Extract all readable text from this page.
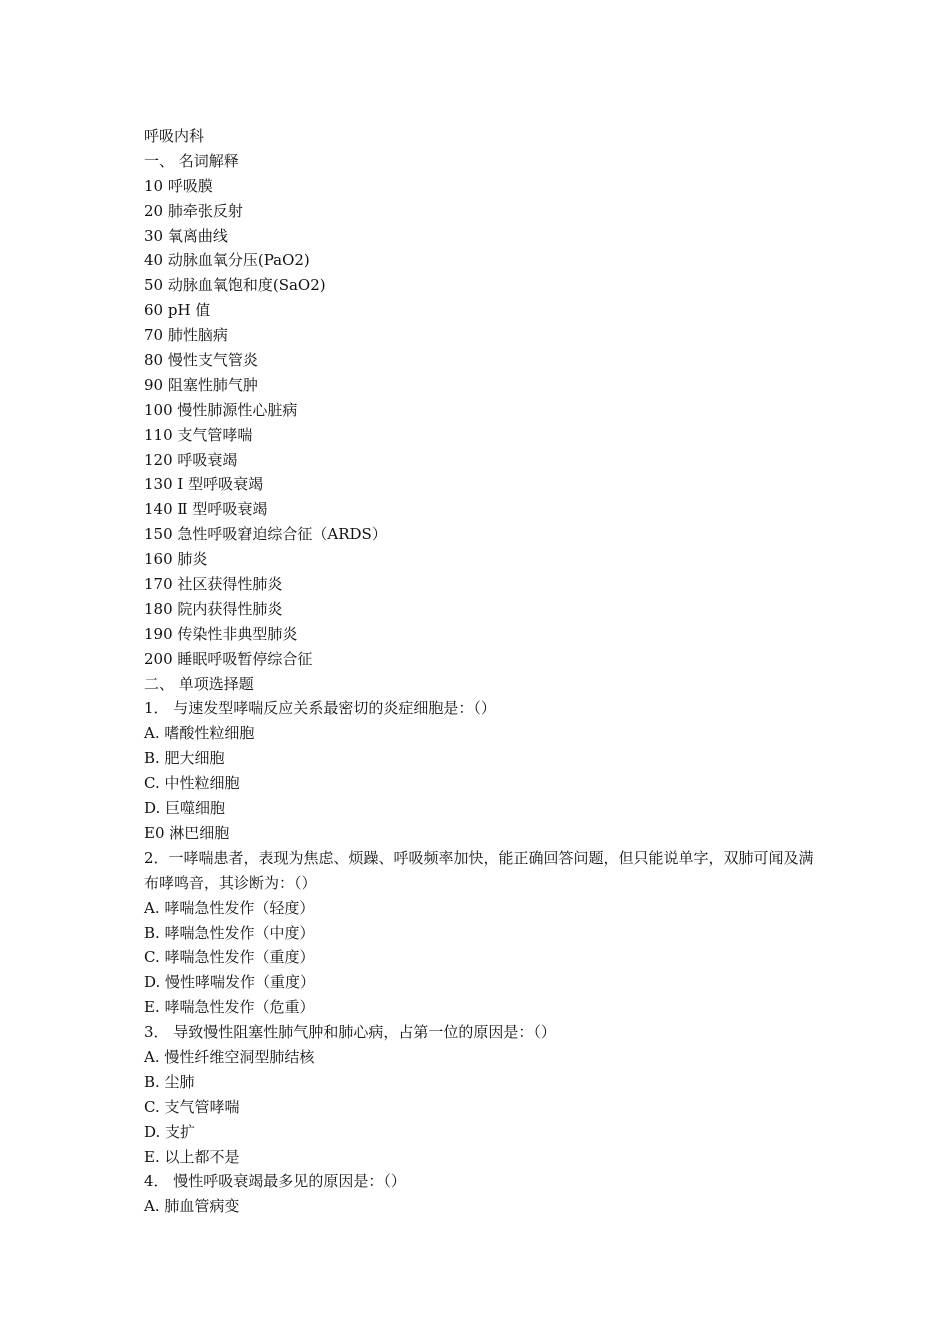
呼吸内科
一、 名词解释
10 呼吸膜
20 肺牵张反射
30 氧离曲线
40 动脉血氧分压(PaO2)
50 动脉血氧饱和度(SaO2)
60 pH 值
70 肺性脑病
80 慢性支气管炎
90 阻塞性肺气肿
100 慢性肺源性心脏病
110 支气管哮喘
120 呼吸衰竭
130 Ⅰ 型呼吸衰竭
140 Ⅱ 型呼吸衰竭
150 急性呼吸窘迫综合征（ARDS）
160 肺炎
170 社区获得性肺炎
180 院内获得性肺炎
190 传染性非典型肺炎
200 睡眠呼吸暂停综合征
二、 单项选择题
1． 与速发型哮喘反应关系最密切的炎症细胞是：（）
A. 嗜酸性粒细胞
B. 肥大细胞
C. 中性粒细胞
D. 巨噬细胞
E0 淋巴细胞
2．一哮喘患者，表现为焦虑、烦躁、呼吸频率加快，能正确回答问题，但只能说单字，双肺可闻及满布哮鸣音，其诊断为：（）
A. 哮喘急性发作（轻度）
B. 哮喘急性发作（中度）
C. 哮喘急性发作（重度）
D. 慢性哮喘发作（重度）
E. 哮喘急性发作（危重）
3． 导致慢性阻塞性肺气肿和肺心病，占第一位的原因是：（）
A. 慢性纤维空洞型肺结核
B. 尘肺
C. 支气管哮喘
D. 支扩
E. 以上都不是
4． 慢性呼吸衰竭最多见的原因是：（）
A. 肺血管病变
